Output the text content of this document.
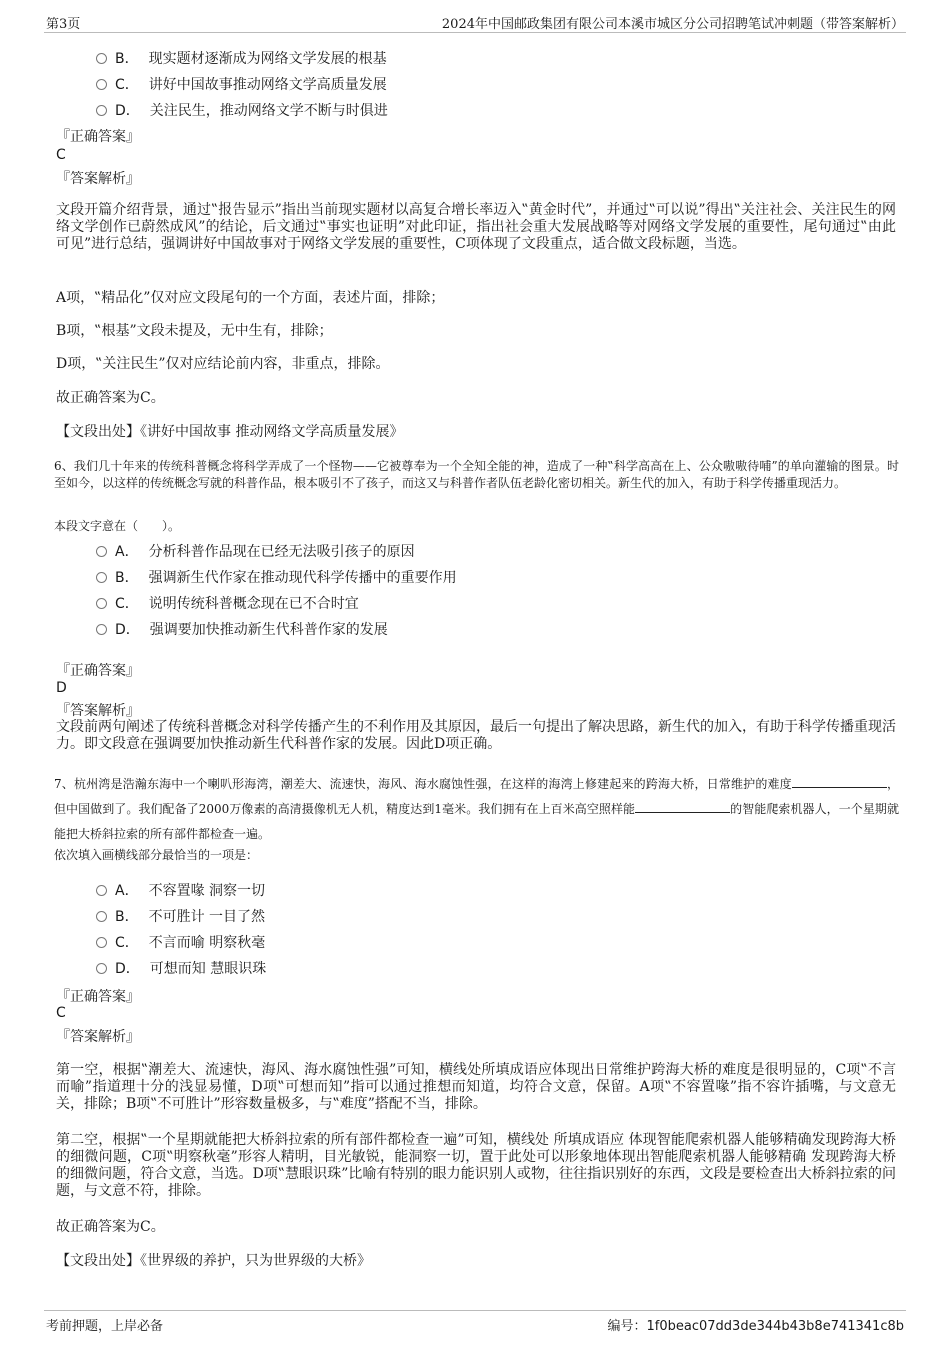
第3页	2024年中国邮政集团有限公司本溪市城区分公司招聘笔试冲刺题（带答案解析）
B． 现实题材逐渐成为网络文学发展的根基
C． 讲好中国故事推动网络文学高质量发展
D． 关注民生，推动网络文学不断与时俱进
『正确答案』
C
『答案解析』
文段开篇介绍背景，通过‟报告显示”指出当前现实题材以高复合增长率迈入‟黄金时代”，并通过‟可以说”得出‟关注社会、关注民生的网络文学创作已蔚然成风”的结论，后文通过‟事实也证明”对此印证，指出社会重大发展战略等对网络文学发展的重要性，尾句通过‟由此可见”进行总结，强调讲好中国故事对于网络文学发展的重要性，C项体现了文段重点，适合做文段标题，当选。
A项，‟精品化”仅对应文段尾句的一个方面，表述片面，排除；
B项，‟根基”文段未提及，无中生有，排除；
D项，‟关注民生”仅对应结论前内容，非重点，排除。
故正确答案为C。
【文段出处】《讲好中国故事 推动网络文学高质量发展》
6、我们几十年来的传统科普概念将科学弄成了一个怪物——它被尊奉为一个全知全能的神，造成了一种‟科学高高在上、公众嗷嗷待哺”的单向灌输的图景。时至如今，以这样的传统概念写就的科普作品，根本吸引不了孩子，而这又与科普作者队伍老龄化密切相关。新生代的加入，有助于科学传播重现活力。
本段文字意在（　　）。
A． 分析科普作品现在已经无法吸引孩子的原因
B． 强调新生代作家在推动现代科学传播中的重要作用
C． 说明传统科普概念现在已不合时宜
D． 强调要加快推动新生代科普作家的发展
『正确答案』
D
『答案解析』
文段前两句阐述了传统科普概念对科学传播产生的不利作用及其原因，最后一句提出了解决思路，新生代的加入，有助于科学传播重现活力。即文段意在强调要加快推动新生代科普作家的发展。因此D项正确。
7、杭州湾是浩瀚东海中一个喇叭形海湾，潮差大、流速快，海风、海水腐蚀性强，在这样的海湾上修建起来的跨海大桥，日常维护的难度	，但中国做到了。我们配备了2000万像素的高清摄像机无人机，精度达到1毫米。我们拥有在上百米高空照样能	的智能爬索机器人，一个星期就能把大桥斜拉索的所有部件都检查一遍。
依次填入画横线部分最恰当的一项是：
A． 不容置喙 洞察一切
B． 不可胜计 一目了然
C． 不言而喻 明察秋毫
D． 可想而知 慧眼识珠
『正确答案』
C
『答案解析』
第一空，根据‟潮差大、流速快，海风、海水腐蚀性强”可知，横线处所填成语应体现出日常维护跨海大桥的难度是很明显的，C项‟不言而喻”指道理十分的浅显易懂，D项‟可想而知”指可以通过推想而知道，均符合文意，保留。A项‟不容置喙”指不容许插嘴，与文意无关，排除；B项‟不可胜计”形容数量极多，与‟难度”搭配不当，排除。
第二空，根据‟一个星期就能把大桥斜拉索的所有部件都检查一遍”可知，横线处 所填成语应 体现智能爬索机器人能够精确发现跨海大桥的细微问题，C项‟明察秋毫”形容人精明，目光敏锐，能洞察一切，置于此处可以形象地体现出智能爬索机器人能够精确 发现跨海大桥的细微问题，符合文意，当选。D项‟慧眼识珠”比喻有特别的眼力能识别人或物，往往指识别好的东西，文段是要检查出大桥斜拉索的问题，与文意不符，排除。
故正确答案为C。
【文段出处】《世界级的养护，只为世界级的大桥》
考前押题，上岸必备	编号：1f0beac07dd3de344b43b8e741341c8b
